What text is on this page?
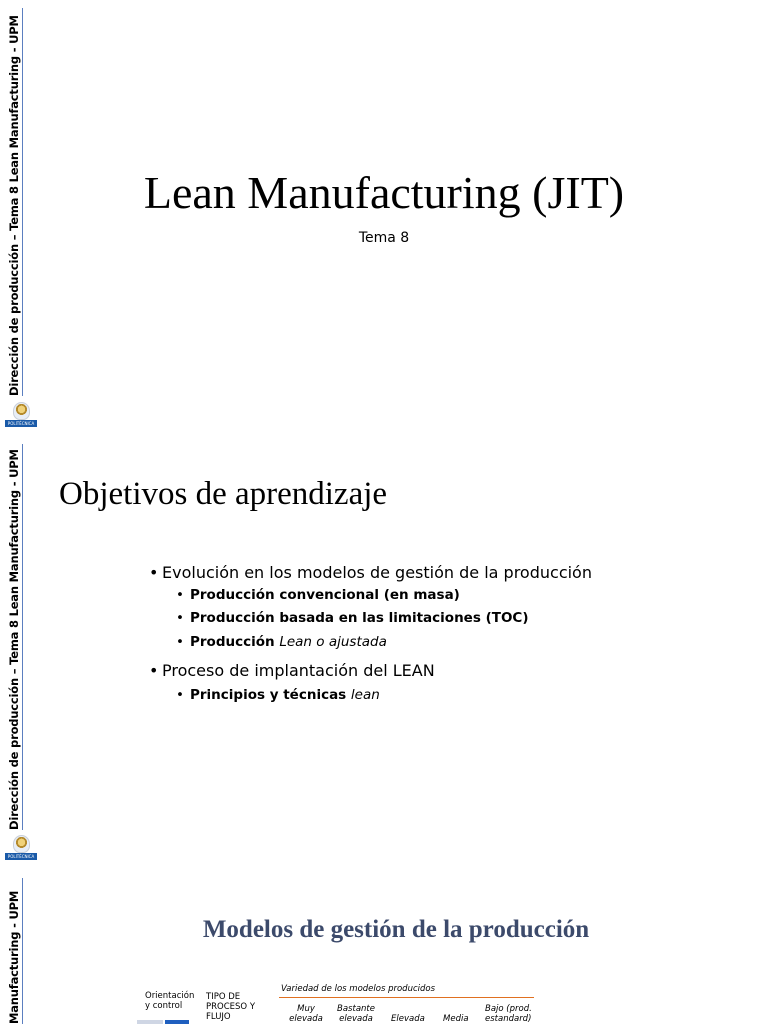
Dirección de producción – Tema 8 Lean Manufacturing - UPM
POLITÉCNICA
Lean Manufacturing (JIT)
Tema 8
Dirección de producción – Tema 8 Lean Manufacturing - UPM
POLITÉCNICA
Objetivos de aprendizaje
• Evolución en los modelos de gestión de la producción
• Producción convencional (en masa)
• Producción basada en las limitaciones (TOC)
• Producción Lean o ajustada
• Proceso de implantación del LEAN
• Principios y técnicas lean
Manufacturing - UPM	Modelos de gestión de la producción
Orientación
y control
TIPO DE
PROCESO Y
FLUJO
Variedad de los modelos producidos
Muy
elevada
Bastante
elevada	Elevada Media
Bajo (prod.
estandard)
